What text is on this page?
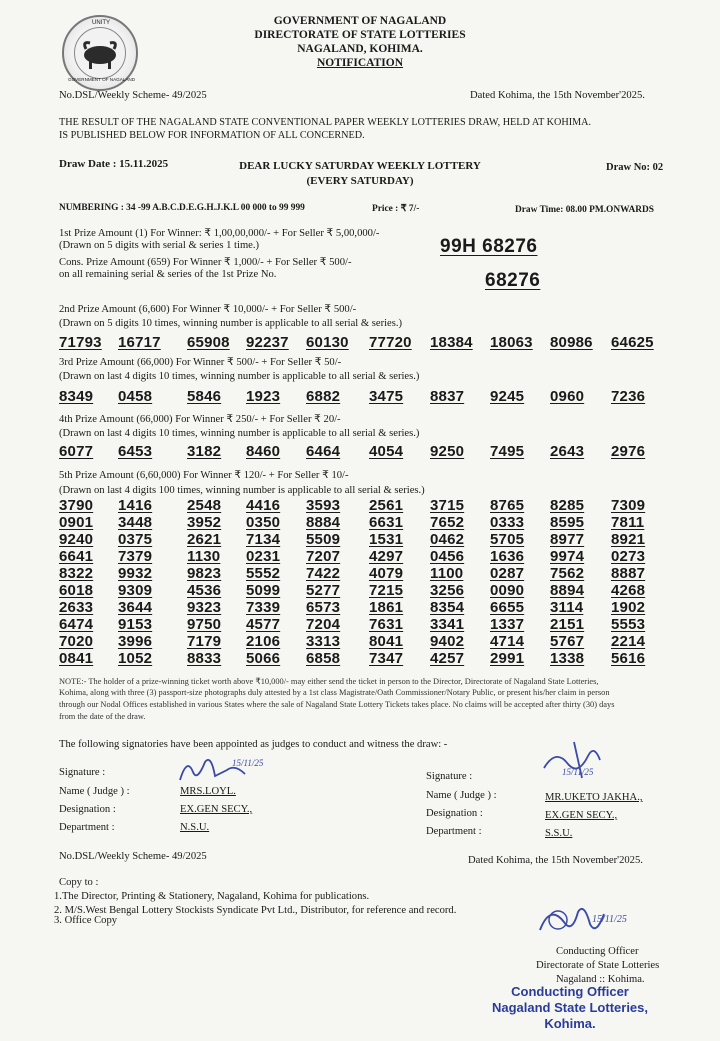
UNITY
GOVERNMENT OF NAGALAND
GOVERNMENT OF NAGALAND
DIRECTORATE OF STATE LOTTERIES
NAGALAND, KOHIMA.
NOTIFICATION
No.DSL/Weekly Scheme- 49/2025	Dated Kohima, the 15th November'2025.
THE RESULT OF THE NAGALAND STATE CONVENTIONAL PAPER WEEKLY LOTTERIES DRAW, HELD AT KOHIMA.
IS PUBLISHED BELOW FOR INFORMATION OF ALL CONCERNED.
Draw Date : 15.11.2025	DEAR LUCKY SATURDAY WEEKLY LOTTERY
(EVERY SATURDAY)
Draw No: 02
NUMBERING : 34 -99 A.B.C.D.E.G.H.J.K.L 00 000 to 99 999	Price : ₹ 7/-	Draw Time: 08.00 PM.ONWARDS
1st Prize Amount (1) For Winner: ₹ 1,00,00,000/- + For Seller ₹ 5,00,000/-
(Drawn on 5 digits with serial & series 1 time.)
Cons. Prize Amount (659) For Winner ₹ 1,000/- + For Seller ₹ 500/-
on all remaining serial & series of the 1st Prize No.
99H 68276
68276
2nd Prize Amount (6,600) For Winner ₹ 10,000/- + For Seller ₹ 500/-
(Drawn on 5 digits 10 times, winning number is applicable to all serial & series.)
71793 16717 65908 92237 60130 77720 18384 18063 80986 64625
3rd Prize Amount (66,000) For Winner ₹ 500/- + For Seller ₹ 50/-
(Drawn on last 4 digits 10 times, winning number is applicable to all serial & series.)
8349 0458 5846 1923 6882 3475 8837 9245 0960 7236
4th Prize Amount (66,000) For Winner ₹ 250/- + For Seller ₹ 20/-
(Drawn on last 4 digits 10 times, winning number is applicable to all serial & series.)
6077 6453 3182 8460 6464 4054 9250 7495 2643 2976
5th Prize Amount (6,60,000) For Winner ₹ 120/- + For Seller ₹ 10/-
(Drawn on last 4 digits 100 times, winning number is applicable to all serial & series.)
3790 1416 2548 4416 3593 2561 3715 8765 8285 7309
0901 3448 3952 0350 8884 6631 7652 0333 8595 7811
9240 0375 2621 7134 5509 1531 0462 5705 8977 8921
6641 7379 1130 0231 7207 4297 0456 1636 9974 0273
8322 9932 9823 5552 7422 4079 1100 0287 7562 8887
6018 9309 4536 5099 5277 7215 3256 0090 8894 4268
2633 3644 9323 7339 6573 1861 8354 6655 3114 1902
6474 9153 9750 4577 7204 7631 3341 1337 2151 5553
7020 3996 7179 2106 3313 8041 9402 4714 5767 2214
0841 1052 8833 5066 6858 7347 4257 2991 1338 5616
NOTE:- The holder of a prize-winning ticket worth above ₹10,000/- may either send the ticket in person to the Director, Directorate of Nagaland State Lotteries,
Kohima, along with three (3) passport-size photographs duly attested by a 1st class Magistrate/Oath Commissioner/Notary Public, or present his/her claim in person
through our Nodal Offices established in various States where the sale of Nagaland State Lottery Tickets takes place. No claims will be accepted after thirty (30) days
from the date of the draw.
The following signatories have been appointed as judges to conduct and witness the draw: -
Signature :
15/11/25
Name ( Judge ) :	MRS.LOYL.
Designation :	EX.GEN SECY.,
Department :	N.S.U.
Signature :	15/11/25
Name ( Judge ) :	MR.UKETO JAKHA.,
Designation :	EX.GEN SECY.,
Department :	S.S.U.
No.DSL/Weekly Scheme- 49/2025	Dated Kohima, the 15th November'2025.
Copy to :
1.The Director, Printing & Stationery, Nagaland, Kohima for publications.
2. M/S.West Bengal Lottery Stockists Syndicate Pvt Ltd., Distributor, for reference and record.
3. Office Copy	15/11/25
Conducting Officer
Directorate of State Lotteries
Nagaland :: Kohima.
Conducting Officer
Nagaland State Lotteries,
Kohima.
